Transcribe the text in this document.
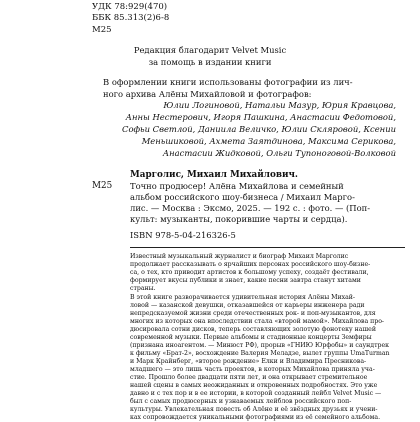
УДК 78:929(470)

ББК 85.313(2)6-8

М25

Редакция благодарит Velvet Music

за помощь в издании книги

В оформлении книги использованы фотографии из лич-

ного архива Алёны Михайловой и фотографов:

Юлии Логиновой, Натальи Мазур, Юрия Кравцова,

Анны Нестерович, Игоря Пашкина, Анастасии Федотовой,

Софьи Светлой, Даниила Величко, Юлии Скляровой, Ксении

Меньшиковой, Ахмета Заятдинова, Максима Серикова,

Анастасии Жидковой, Ольги Тупоноговой-Волковой

Марголис, Михаил Михайлович.

М25 Точно продюсер! Алёна Михайлова и семейный

альбом российского шоу-бизнеса / Михаил Марго-

лис. — Москва : Эксмо, 2025. — 192 с. : фото. — (Поп-

культ: музыканты, покорившие чарты и сердца).

ISBN 978-5-04-216326-5

Известный музыкальный журналист и биограф Михаил Марголис

продолжает рассказывать о ярчайших персонах российского шоу-бизне-

са, о тех, кто приводит артистов к большому успеху, создаёт фестивали,

формирует вкусы публики и знает, какие песни завтра станут хитами

страны.

В этой книге разворачивается удивительная история Алёны Михай-

ловой — казанской девушки, отказавшейся от карьеры инженера ради

непредсказуемой жизни среди отечественных рок- и поп-музыкантов, для

многих из которых она впоследствии стала «второй мамой». Михайлова про-

дюсировала сотни дисков, теперь составляющих золотую фонотеку нашей

современной музыки. Первые альбомы и стадионные концерты Земфиры

(признана иноагентом. — Минюст РФ), прорыв «ГНИЮ Юрфобы» и саундтрек

к фильму «Брат-2», восхождение Валерия Меладзе, вылет группы UmaTurman

и Марк Крайнберг, «второе рождение» Елки и Владимира Пресникова-

младшего — это лишь часть проектов, в которых Михайлова приняла уча-

стие. Прошло более двадцати пяти лет, и она открывает стремительное

нашей сцены в самых неожиданных и откровенных подробностях. Это уже

давно и с тех пор и в ее истории, в которой созданный лейбл Velvet Music —

был с самых продюсерных и узнаваемых лейблов российского поп-

культуры. Увлекательная повесть об Алёне и её звёздных друзьях и учени-

ках сопровождается уникальными фотографиями из её семейного альбома.
